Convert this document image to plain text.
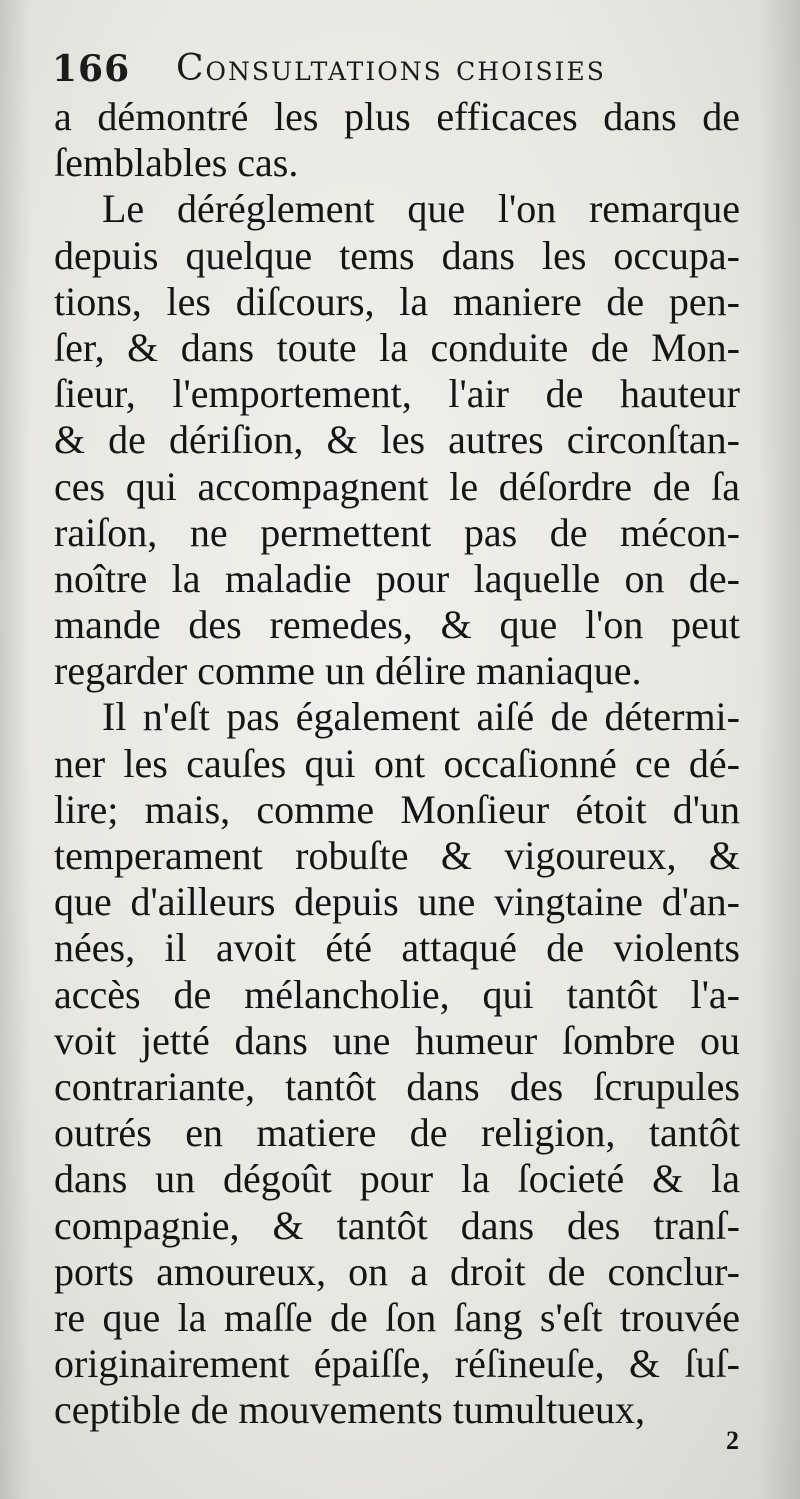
166 Consultations choisies
a démontré les plus efficaces dans de
ſemblables cas.
Le déréglement que l'on remarque
depuis quelque tems dans les occupa-
tions, les diſcours, la maniere de pen-
ſer, & dans toute la conduite de Mon-
ſieur, l'emportement, l'air de hauteur
& de dériſion, & les autres circonſtan-
ces qui accompagnent le déſordre de ſa
raiſon, ne permettent pas de mécon-
noître la maladie pour laquelle on de-
mande des remedes, & que l'on peut
regarder comme un délire maniaque.
Il n'eſt pas également aiſé de détermi-
ner les cauſes qui ont occaſionné ce dé-
lire; mais, comme Monſieur étoit d'un
temperament robuſte & vigoureux, &
que d'ailleurs depuis une vingtaine d'an-
nées, il avoit été attaqué de violents
accès de mélancholie, qui tantôt l'a-
voit jetté dans une humeur ſombre ou
contrariante, tantôt dans des ſcrupules
outrés en matiere de religion, tantôt
dans un dégoût pour la ſocieté & la
compagnie, & tantôt dans des tranſ-
ports amoureux, on a droit de conclur-
re que la maſſe de ſon ſang s'eſt trouvée
originairement épaiſſe, réſineuſe, & ſuſ-
ceptible de mouvements tumultueux,
2
